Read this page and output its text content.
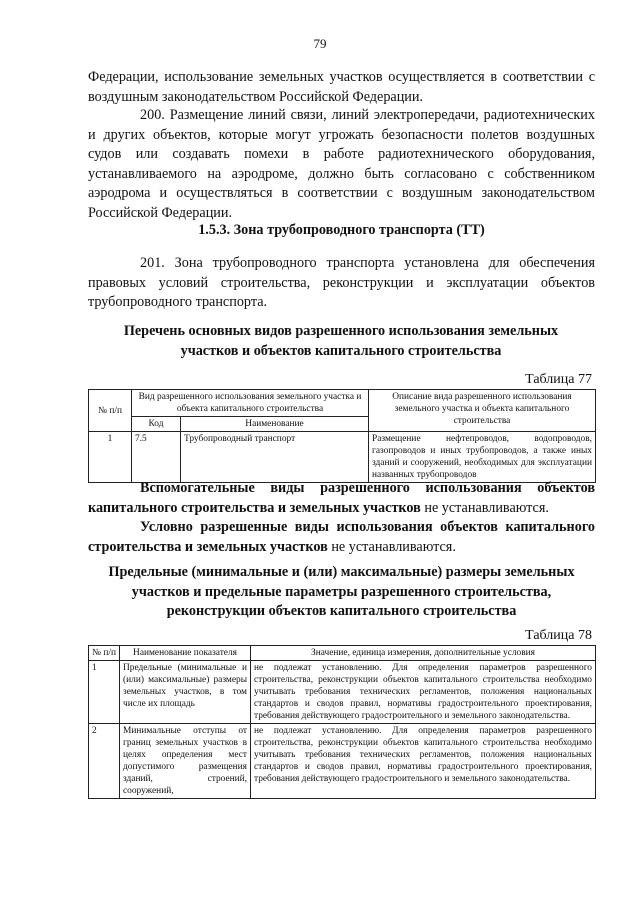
79

Федерации, использование земельных участков осуществляется в соответствии с воздушным законодательством Российской Федерации.

200. Размещение линий связи, линий электропередачи, радиотехнических и других объектов, которые могут угрожать безопасности полетов воздушных судов или создавать помехи в работе радиотехнического оборудования, устанавливаемого на аэродроме, должно быть согласовано с собственником аэродрома и осуществляться в соответствии с воздушным законодательством Российской Федерации.

1.5.3. Зона трубопроводного транспорта (ТТ)

201. Зона трубопроводного транспорта установлена для обеспечения правовых условий строительства, реконструкции и эксплуатации объектов трубопроводного транспорта.

Перечень основных видов разрешенного использования земельных участков и объектов капитального строительства

Таблица 77
№ п/п	Вид разрешенного использования земельного участка и объекта капитального строительства		Описание вида разрешенного использования земельного участка и объекта капитального строительства
	Код	Наименование	
1	7.5	Трубопроводный транспорт	Размещение нефтепроводов, водопроводов, газопроводов и иных трубопроводов, а также иных зданий и сооружений, необходимых для эксплуатации названных трубопроводов

Вспомогательные виды разрешенного использования объектов капитального строительства и земельных участков не устанавливаются.

Условно разрешенные виды использования объектов капитального строительства и земельных участков не устанавливаются.

Предельные (минимальные и (или) максимальные) размеры земельных участков и предельные параметры разрешенного строительства, реконструкции объектов капитального строительства

Таблица 78
№ п/п	Наименование показателя	Значение, единица измерения, дополнительные условия
1	Предельные (минимальные и (или) максимальные) размеры земельных участков, в том числе их площадь	не подлежат установлению. Для определения параметров разрешенного строительства, реконструкции объектов капитального строительства необходимо учитывать требования технических регламентов, положения национальных стандартов и сводов правил, нормативы градостроительного проектирования, требования действующего градостроительного и земельного законодательства.
2	Минимальные отступы от границ земельных участков в целях определения мест допустимого размещения зданий, строений, сооружений,	не подлежат установлению. Для определения параметров разрешенного строительства, реконструкции объектов капитального строительства необходимо учитывать требования технических регламентов, положения национальных стандартов и сводов правил, нормативы градостроительного проектирования, требования действующего градостроительного и земельного законодательства.
